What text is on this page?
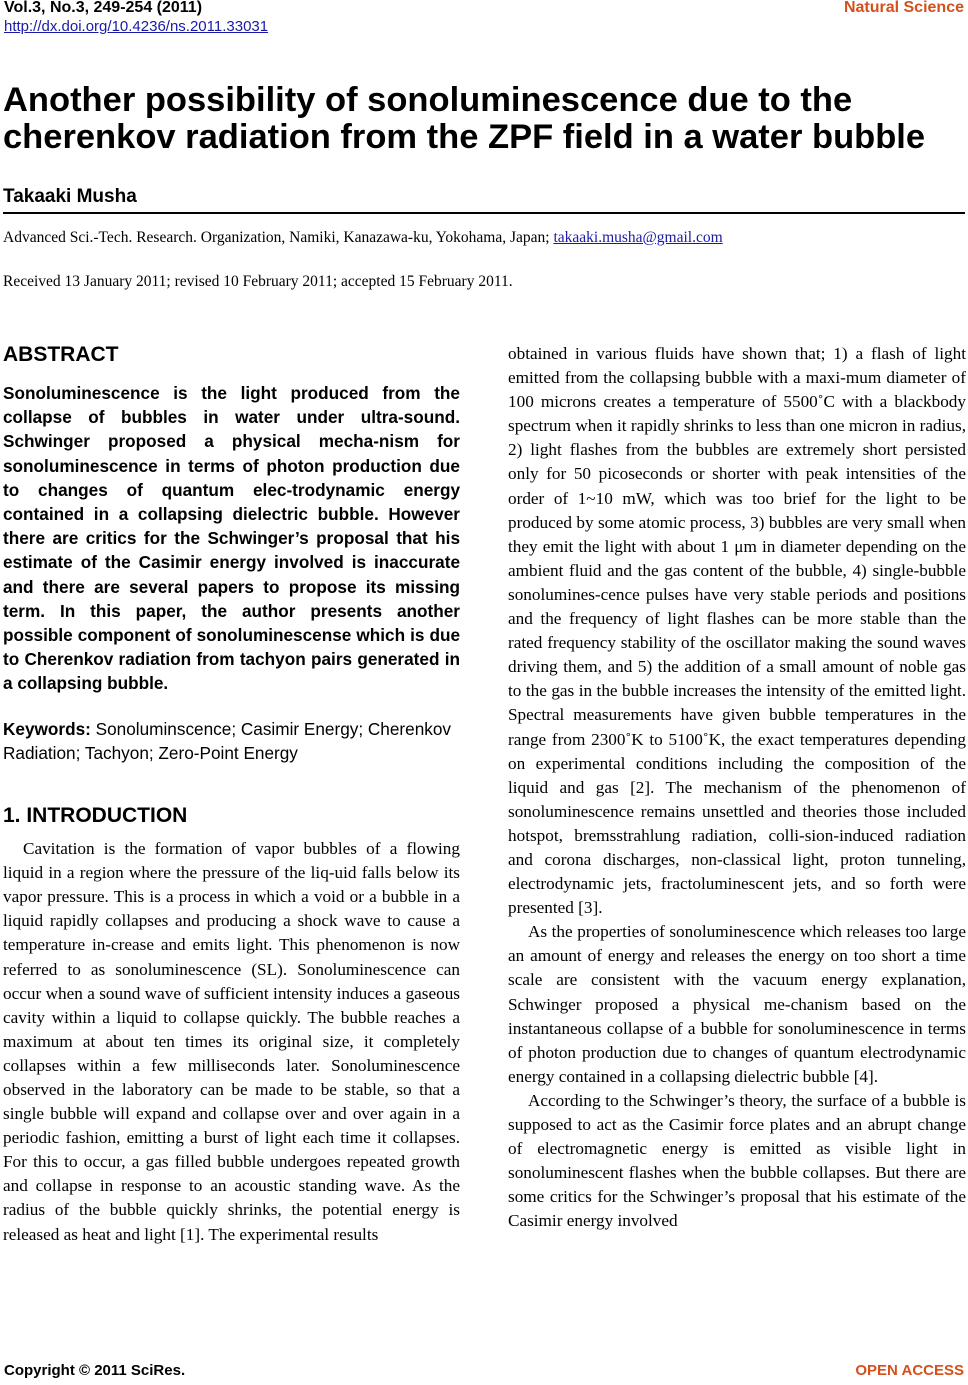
Vol.3, No.3, 249-254 (2011)
http://dx.doi.org/10.4236/ns.2011.33031
Natural Science
Another possibility of sonoluminescence due to the cherenkov radiation from the ZPF field in a water bubble

Takaaki Musha

Advanced Sci.-Tech. Research. Organization, Namiki, Kanazawa-ku, Yokohama, Japan; takaaki.musha@gmail.com
Received 13 January 2011; revised 10 February 2011; accepted 15 February 2011.
ABSTRACT

Sonoluminescence is the light produced from the collapse of bubbles in water under ultra-sound. Schwinger proposed a physical mecha-nism for sonoluminescence in terms of photon production due to changes of quantum elec-trodynamic energy contained in a collapsing dielectric bubble. However there are critics for the Schwinger’s proposal that his estimate of the Casimir energy involved is inaccurate and there are several papers to propose its missing term. In this paper, the author presents another possible component of sonoluminescense which is due to Cherenkov radiation from tachyon pairs generated in a collapsing bubble.

Keywords: Sonoluminscence; Casimir Energy; Cherenkov Radiation; Tachyon; Zero-Point Energy

1. INTRODUCTION

Cavitation is the formation of vapor bubbles of a flowing liquid in a region where the pressure of the liq-uid falls below its vapor pressure. This is a process in which a void or a bubble in a liquid rapidly collapses and producing a shock wave to cause a temperature in-crease and emits light. This phenomenon is now referred to as sonoluminescence (SL). Sonoluminescence can occur when a sound wave of sufficient intensity induces a gaseous cavity within a liquid to collapse quickly. The bubble reaches a maximum at about ten times its original size, it completely collapses within a few milliseconds later. Sonoluminescence observed in the laboratory can be made to be stable, so that a single bubble will expand and collapse over and over again in a periodic fashion, emitting a burst of light each time it collapses. For this to occur, a gas filled bubble undergoes repeated growth and collapse in response to an acoustic standing wave. As the radius of the bubble quickly shrinks, the potential energy is released as heat and light [1]. The experimental results

obtained in various fluids have shown that; 1) a flash of light emitted from the collapsing bubble with a maxi-mum diameter of 100 microns creates a temperature of 5500˚C with a blackbody spectrum when it rapidly shrinks to less than one micron in radius, 2) light flashes from the bubbles are extremely short persisted only for 50 picoseconds or shorter with peak intensities of the order of 1~10 mW, which was too brief for the light to be produced by some atomic process, 3) bubbles are very small when they emit the light with about 1 μm in diameter depending on the ambient fluid and the gas content of the bubble, 4) single-bubble sonolumines-cence pulses have very stable periods and positions and the frequency of light flashes can be more stable than the rated frequency stability of the oscillator making the sound waves driving them, and 5) the addition of a small amount of noble gas to the gas in the bubble increases the intensity of the emitted light. Spectral measurements have given bubble temperatures in the range from 2300˚K to 5100˚K, the exact temperatures depending on experimental conditions including the composition of the liquid and gas [2]. The mechanism of the phenomenon of sonoluminescence remains unsettled and theories those included hotspot, bremsstrahlung radiation, colli-sion-induced radiation and corona discharges, non-classical light, proton tunneling, electrodynamic jets, fractoluminescent jets, and so forth were presented [3].

As the properties of sonoluminescence which releases too large an amount of energy and releases the energy on too short a time scale are consistent with the vacuum energy explanation, Schwinger proposed a physical me-chanism based on the instantaneous collapse of a bubble for sonoluminescence in terms of photon production due to changes of quantum electrodynamic energy contained in a collapsing dielectric bubble [4].

According to the Schwinger’s theory, the surface of a bubble is supposed to act as the Casimir force plates and an abrupt change of electromagnetic energy is emitted as visible light in sonoluminescent flashes when the bubble collapses. But there are some critics for the Schwinger’s proposal that his estimate of the Casimir energy involved

Copyright © 2011 SciRes.	OPEN ACCESS
